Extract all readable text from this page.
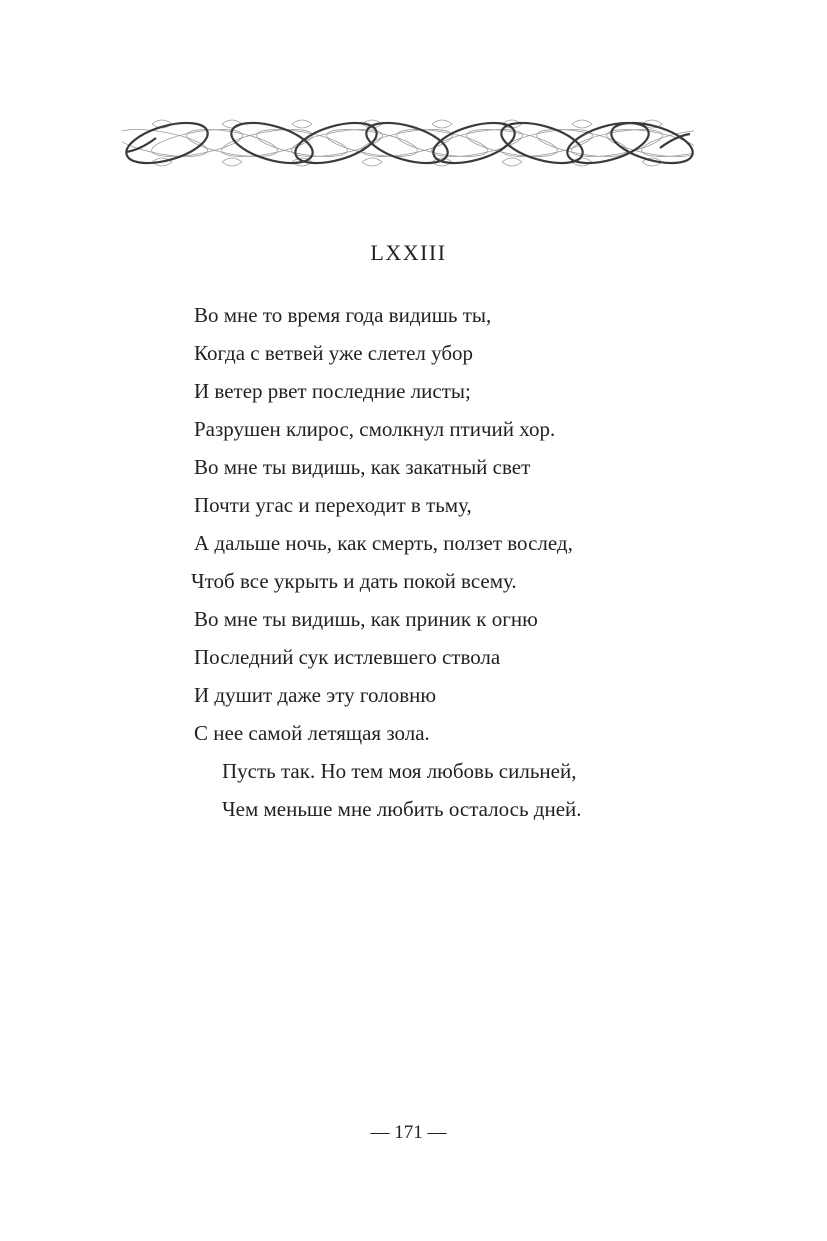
LXXIII
Во мне то время года видишь ты,
Когда с ветвей уже слетел убор
И ветер рвет последние листы;
Разрушен клирос, смолкнул птичий хор.
Во мне ты видишь, как закатный свет
Почти угас и переходит в тьму,
А дальше ночь, как смерть, ползет вослед,
Чтоб все укрыть и дать покой всему.
Во мне ты видишь, как приник к огню
Последний сук истлевшего ствола
И душит даже эту головню
С нее самой летящая зола.
Пусть так. Но тем моя любовь сильней,
Чем меньше мне любить осталось дней.
— 171 —
